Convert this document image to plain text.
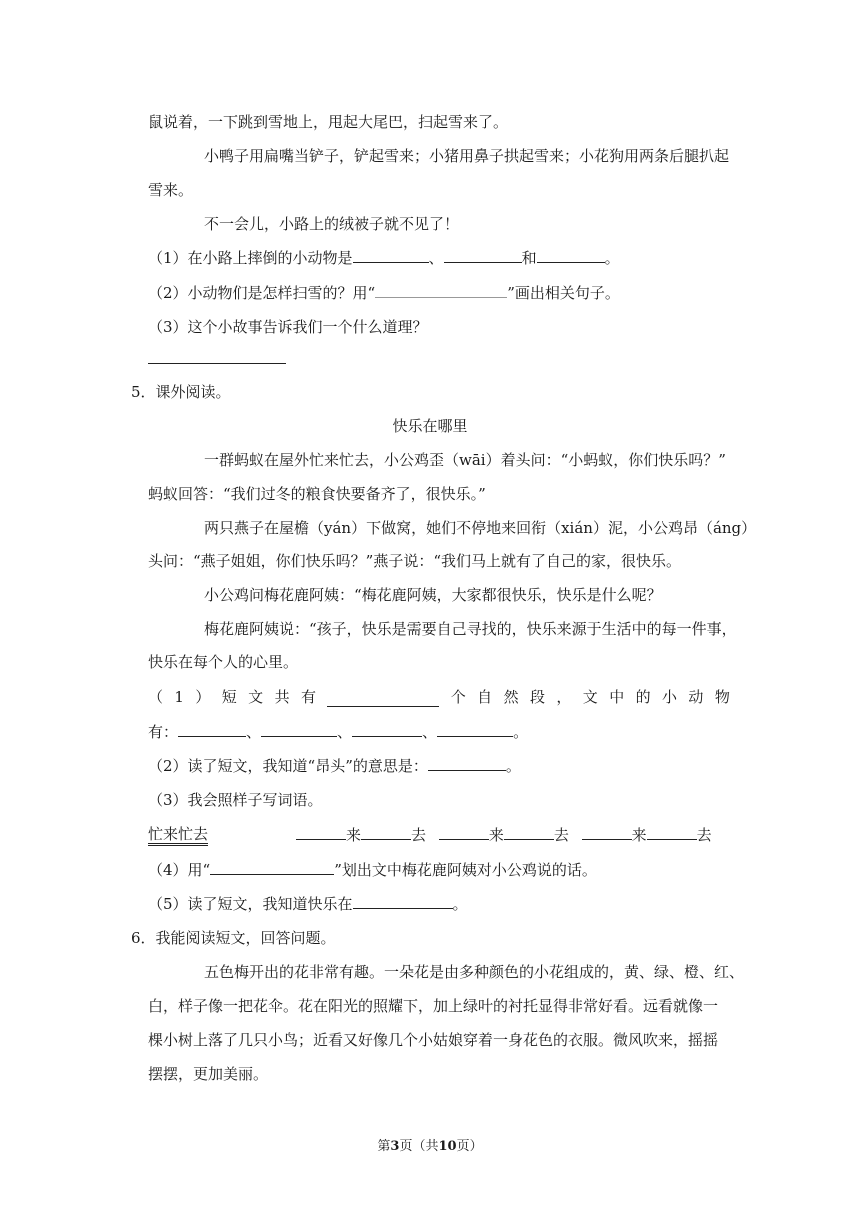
鼠说着，一下跳到雪地上，甩起大尾巴，扫起雪来了。
小鸭子用扁嘴当铲子，铲起雪来；小猪用鼻子拱起雪来；小花狗用两条后腿扒起
雪来。
不一会儿，小路上的绒被子就不见了！
（1）在小路上摔倒的小动物是	、	和	。
（2）小动物们是怎样扫雪的？用“	”画出相关句子。
（3）这个小故事告诉我们一个什么道理？
5．课外阅读。
快乐在哪里
一群蚂蚁在屋外忙来忙去，小公鸡歪（wāi）着头问：“小蚂蚁，你们快乐吗？”
蚂蚁回答：“我们过冬的粮食快要备齐了，很快乐。”
两只燕子在屋檐（yán）下做窝，她们不停地来回衔（xián）泥，小公鸡昂（áng）
头问：“燕子姐姐，你们快乐吗？”燕子说：“我们马上就有了自己的家，很快乐。
小公鸡问梅花鹿阿姨：“梅花鹿阿姨，大家都很快乐，快乐是什么呢？
梅花鹿阿姨说：“孩子，快乐是需要自己寻找的，快乐来源于生活中的每一件事，
快乐在每个人的心里。
（ 1 ） 短 文 共 有	个 自 然 段 ， 文 中 的 小 动 物
有：	、	、	、	。
（2）读了短文，我知道“昂头”的意思是：	。
（3）我会照样子写词语。
忙来忙去	来	去	来	去	来	去
（4）用“	”划出文中梅花鹿阿姨对小公鸡说的话。
（5）读了短文，我知道快乐在	。
6．我能阅读短文，回答问题。
五色梅开出的花非常有趣。一朵花是由多种颜色的小花组成的，黄、绿、橙、红、
白，样子像一把花伞。花在阳光的照耀下，加上绿叶的衬托显得非常好看。远看就像一
棵小树上落了几只小鸟；近看又好像几个小姑娘穿着一身花色的衣服。微风吹来，摇摇
摆摆，更加美丽。
第3页（共10页）
